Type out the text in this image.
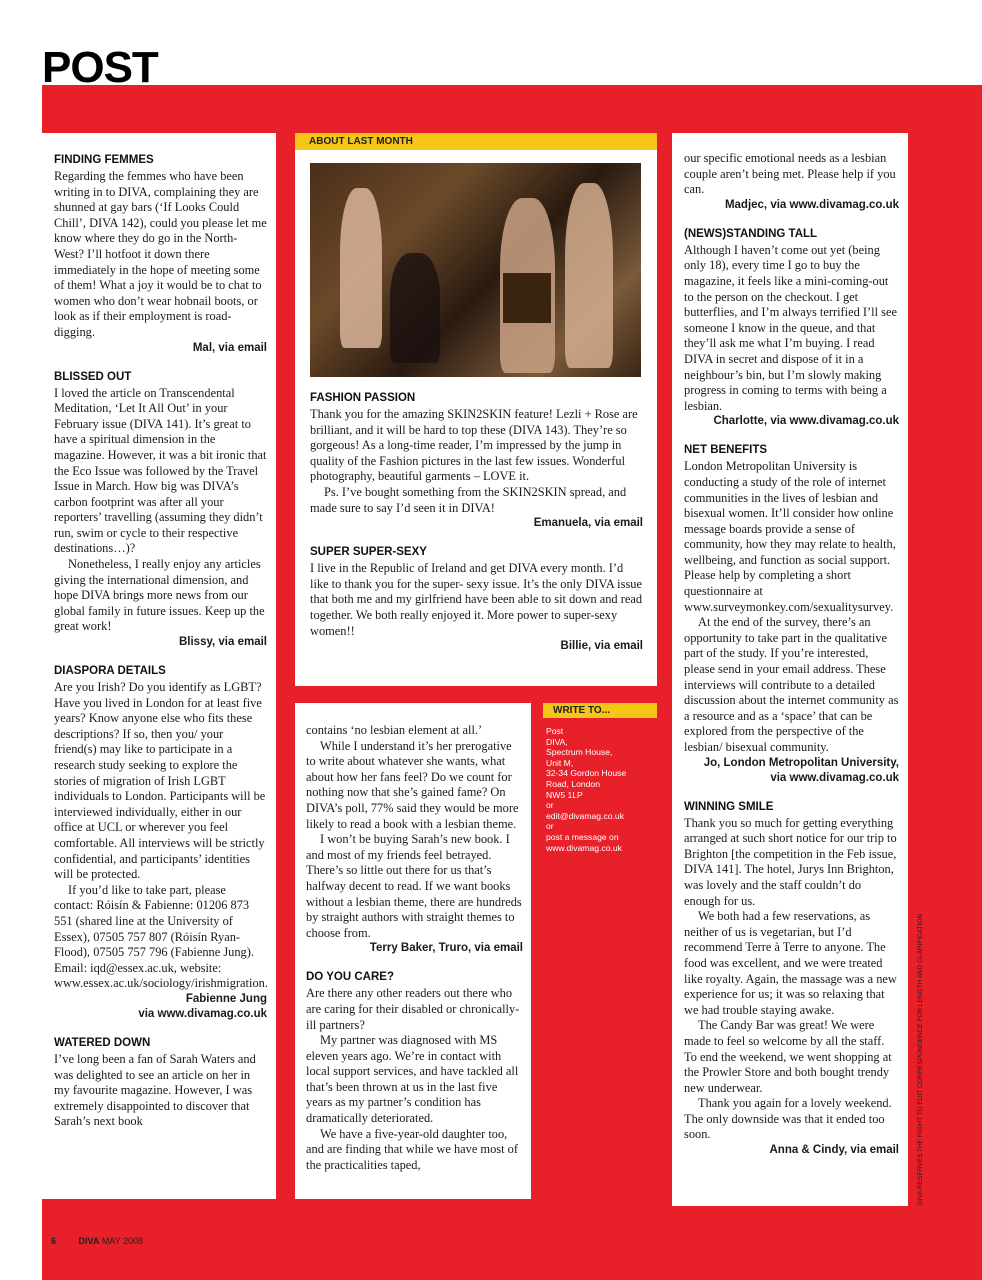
POST
FINDING FEMMES

Regarding the femmes who have been writing in to DIVA, complaining they are shunned at gay bars (‘If Looks Could Chill’, DIVA 142), could you please let me know where they do go in the North-West? I’ll hotfoot it down there immediately in the hope of meeting some of them! What a joy it would be to chat to women who don’t wear hobnail boots, or look as if their employment is road-digging.

Mal, via email
BLISSED OUT

I loved the article on Transcendental Meditation, ‘Let It All Out’ in your February issue (DIVA 141). It’s great to have a spiritual dimension in the magazine. However, it was a bit ironic that the Eco Issue was followed by the Travel Issue in March. How big was DIVA’s carbon footprint was after all your reporters’ travelling (assuming they didn’t run, swim or cycle to their respective destinations…)?

Nonetheless, I really enjoy any articles giving the international dimension, and hope DIVA brings more news from our global family in future issues. Keep up the great work!

Blissy, via email
DIASPORA DETAILS

Are you Irish? Do you identify as LGBT? Have you lived in London for at least five years? Know anyone else who fits these descriptions? If so, then you/ your friend(s) may like to participate in a research study seeking to explore the stories of migration of Irish LGBT individuals to London. Participants will be interviewed individually, either in our office at UCL or wherever you feel comfortable. All interviews will be strictly confidential, and participants’ identities will be protected.

If you’d like to take part, please contact: Róisín & Fabienne: 01206 873 551 (shared line at the University of Essex), 07505 757 807 (Róisín Ryan-Flood), 07505 757 796 (Fabienne Jung). Email: iqd@essex.ac.uk, website: www.essex.ac.uk/sociology/irishmigration.

Fabienne Jung
via www.divamag.co.uk
WATERED DOWN

I’ve long been a fan of Sarah Waters and was delighted to see an article on her in my favourite magazine. However, I was extremely disappointed to discover that Sarah’s next book

ABOUT LAST MONTH
FASHION PASSION

Thank you for the amazing SKIN2SKIN feature! Lezli + Rose are brilliant, and it will be hard to top these (DIVA 143). They’re so gorgeous! As a long-time reader, I’m impressed by the jump in quality of the Fashion pictures in the last few issues. Wonderful photography, beautiful garments – LOVE it.

Ps. I’ve bought something from the SKIN2SKIN spread, and made sure to say I’d seen it in DIVA!

Emanuela, via email
SUPER SUPER-SEXY

I live in the Republic of Ireland and get DIVA every month. I’d like to thank you for the super- sexy issue. It’s the only DIVA issue that both me and my girlfriend have been able to sit down and read together. We both really enjoyed it. More power to super-sexy women!!

Billie, via email

contains ‘no lesbian element at all.’

While I understand it’s her prerogative to write about whatever she wants, what about how her fans feel? Do we count for nothing now that she’s gained fame? On DIVA’s poll, 77% said they would be more likely to read a book with a lesbian theme.

I won’t be buying Sarah’s new book. I and most of my friends feel betrayed. There’s so little out there for us that’s halfway decent to read. If we want books without a lesbian theme, there are hundreds by straight authors with straight themes to choose from.

Terry Baker, Truro, via email
DO YOU CARE?

Are there any other readers out there who are caring for their disabled or chronically-ill partners?

My partner was diagnosed with MS eleven years ago. We’re in contact with local support services, and have tackled all that’s been thrown at us in the last five years as my partner’s condition has dramatically deteriorated.

We have a five-year-old daughter too, and are finding that while we have most of the practicalities taped,

WRITE TO...
Post
DIVA,
Spectrum House,
Unit M,
32-34 Gordon House
Road, London
NW5 1LP
or
edit@divamag.co.uk
or
post a message on
www.divamag.co.uk

our specific emotional needs as a lesbian couple aren’t being met. Please help if you can.

Madjec, via www.divamag.co.uk
(NEWS)STANDING TALL

Although I haven’t come out yet (being only 18), every time I go to buy the magazine, it feels like a mini-coming-out to the person on the checkout. I get butterflies, and I’m always terrified I’ll see someone I know in the queue, and that they’ll ask me what I’m buying. I read DIVA in secret and dispose of it in a neighbour’s bin, but I’m slowly making progress in coming to terms with being a lesbian.

Charlotte, via www.divamag.co.uk
NET BENEFITS

London Metropolitan University is conducting a study of the role of internet communities in the lives of lesbian and bisexual women. It’ll consider how online message boards provide a sense of community, how they may relate to health, wellbeing, and function as social support. Please help by completing a short questionnaire at www.surveymonkey.com/sexualitysurvey.

At the end of the survey, there’s an opportunity to take part in the qualitative part of the study. If you’re interested, please send in your email address. These interviews will contribute to a detailed discussion about the internet community as a resource and as a ‘space’ that can be explored from the perspective of the lesbian/ bisexual community.

Jo, London Metropolitan University,
via www.divamag.co.uk
WINNING SMILE

Thank you so much for getting everything arranged at such short notice for our trip to Brighton [the competition in the Feb issue, DIVA 141]. The hotel, Jurys Inn Brighton, was lovely and the staff couldn’t do enough for us.

We both had a few reservations, as neither of us is vegetarian, but I’d recommend Terre à Terre to anyone. The food was excellent, and we were treated like royalty. Again, the massage was a new experience for us; it was so relaxing that we had trouble staying awake.

The Candy Bar was great! We were made to feel so welcome by all the staff. To end the weekend, we went shopping at the Prowler Store and both bought trendy new underwear.

Thank you again for a lovely weekend. The only downside was that it ended too soon.

Anna & Cindy, via email	DIVA RESERVES THE RIGHT TO EDIT CORRESPONDENCE FOR LENGTH AND CLARIFICATION
6	DIVA MAY 2008
